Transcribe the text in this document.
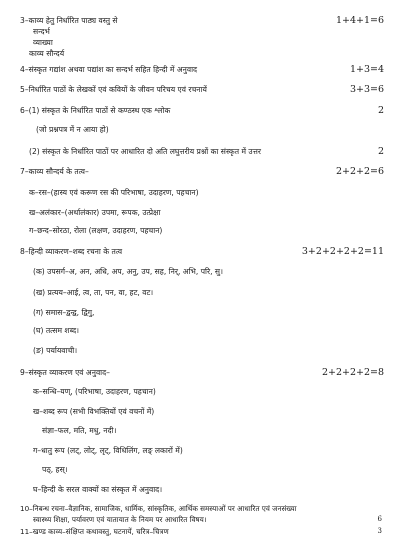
3–काव्य हेतु निर्धारित पाठ्य वस्तु से	1+4+1=6
सन्दर्भ
व्याख्या
काव्य सौन्दर्य
4–संस्कृत गद्यांश अथवा पद्यांश का सन्दर्भ सहित हिन्दी में अनुवाद	1+3=4
5–निर्धारित पाठों के लेखकों एवं कवियों के जीवन परिचय एवं रचनायें	3+3=6
6–(1) संस्कृत के निर्धारित पाठों से कण्ठस्थ एक श्लोक	2
(जो प्रश्नपत्र में न आया हो)
(2) संस्कृत के निर्धारित पाठों पर आधारित दो अति लघुत्तरीय प्रश्नों का संस्कृत में उत्तर	2
7–काव्य सौन्दर्य के तत्व–	2+2+2=6
क–रस–(हास्य एवं करूण रस की परिभाषा, उदाहरण, पहचान)
ख–अलंकार–(अर्थालंकार) उपमा, रूपक, उत्प्रेक्षा
ग–छन्द–सोरठा, रोला (लक्षण, उदाहरण, पहचान)
8–हिन्दी व्याकरण–शब्द रचना के तत्व	3+2+2+2+2=11
(क) उपसर्ग–अ, अन, अधि, अप, अनु, उप, सह, निर्, अभि, परि, सु।
(ख) प्रत्यय–आई, त्व, ता, पन, वा, हट, वट।
(ग) समास–द्वन्द्व, द्विगु,
(घ) तत्सम शब्द।
(ङ) पर्यायवाची।
9–संस्कृत व्याकरण एवं अनुवाद–	2+2+2+2=8
क–सन्धि–यण्, (परिभाषा, उदाहरण, पहचान)
ख–शब्द रूप (सभी विभक्तियों एवं वचनों में)
संज्ञा–फल, मति, मधु, नदी।
ग–धातु रूप (लट्, लोट्, लृट्, विधिलिंग, लङ् लकारों में)
पठ्, हस्।
घ–हिन्दी के सरल वाक्यों का संस्कृत में अनुवाद।
10–निबन्ध रचना–वैज्ञानिक, सामाजिक, धार्मिक, सांस्कृतिक, आर्थिक समस्याओं पर आधारित एवं जनसंख्या
स्वास्थ्य शिक्षा, पर्यावरण एवं यातायात के नियम पर आधारित विषय।	6
11–खण्ड काव्य–संक्षिप्त कथावस्तु, घटनायें, चरित्र–चित्रण	3
